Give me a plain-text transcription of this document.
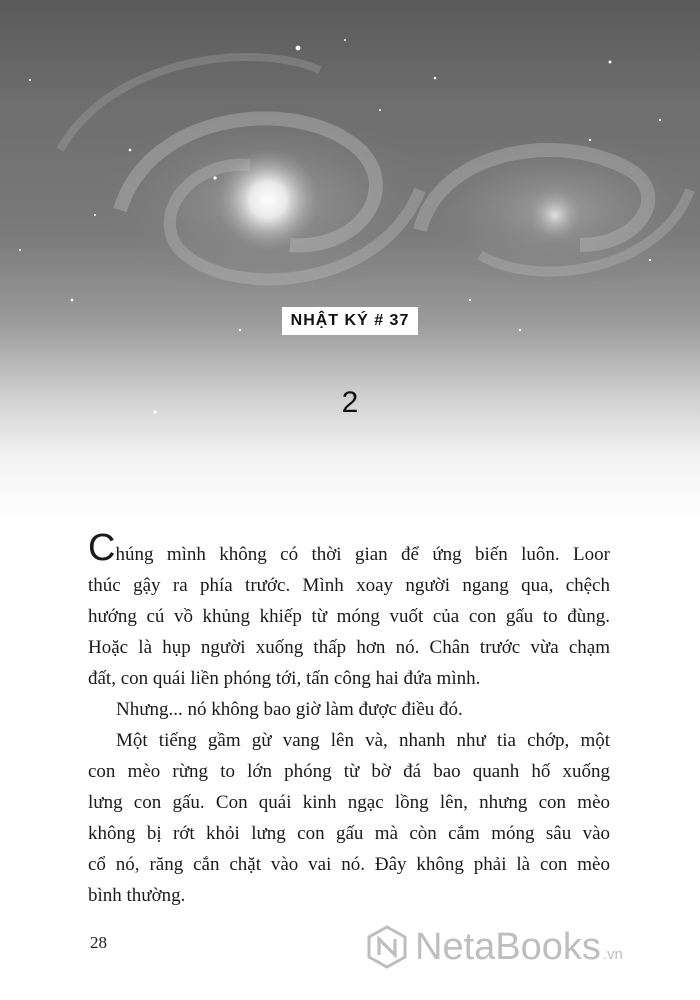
NHẬT KÝ # 37
2

Chúng mình không có thời gian để ứng biến luôn. Loor
thúc gậy ra phía trước. Mình xoay người ngang qua, chệch
hướng cú vồ khủng khiếp từ móng vuốt của con gấu to đùng.
Hoặc là hụp người xuống thấp hơn nó. Chân trước vừa chạm
đất, con quái liền phóng tới, tấn công hai đứa mình.

Nhưng... nó không bao giờ làm được điều đó.

Một tiếng gầm gừ vang lên và, nhanh như tia chớp, một
con mèo rừng to lớn phóng từ bờ đá bao quanh hố xuống
lưng con gấu. Con quái kinh ngạc lồng lên, nhưng con mèo
không bị rớt khỏi lưng con gấu mà còn cắm móng sâu vào
cổ nó, răng cắn chặt vào vai nó. Đây không phải là con mèo
bình thường.

28	NetaBooks .vn
